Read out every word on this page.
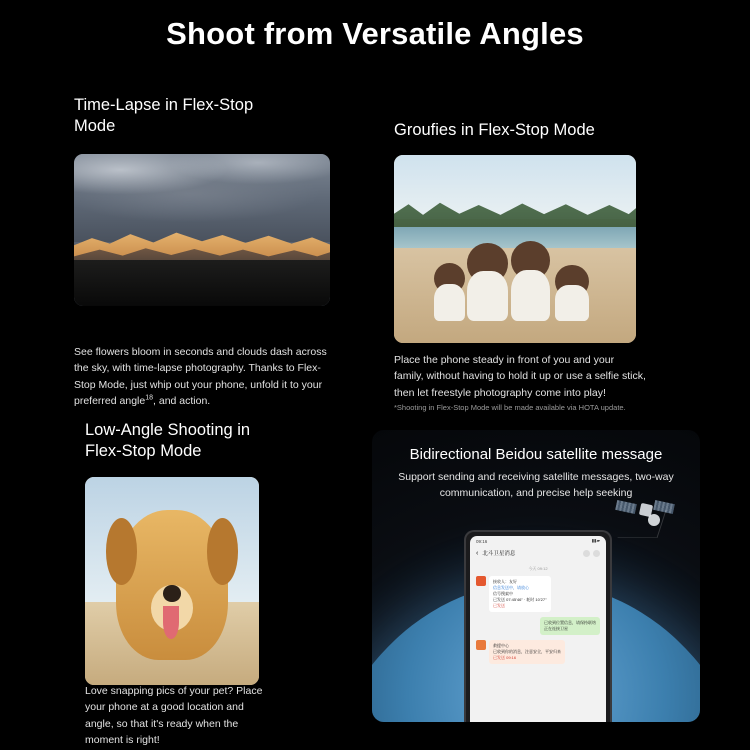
Shoot from Versatile Angles
Time-Lapse in Flex-Stop Mode

See flowers bloom in seconds and clouds dash across the sky, with time-lapse photography. Thanks to Flex-Stop Mode, just whip out your phone, unfold it to your preferred angle$^{18}$, and action.

Groufies in Flex-Stop Mode

Place the phone steady in front of you and your family, without having to hold it up or use a selfie stick, then let freestyle photography come into play!

*Shooting in Flex-Stop Mode will be made available via HOTA update.

Low-Angle Shooting in Flex-Stop Mode

Love snapping pics of your pet? Place your phone at a good location and angle, so that it's ready when the moment is right!

Bidirectional Beidou satellite message
Support sending and receiving satellite messages, two-way communication, and precise help seeking
09:16	▮▮▰
‹ 北斗卫星消息
今天 09:12
接收人：友好
信息发送中，请放心
信号搜索中
已发送 07:45'46" · 耗时 10'27"
已发送
已收到位置信息，请保持联络
正在连接卫星
救援中心
已收到你的消息，注意安全，平安归来
已发送 09:16
